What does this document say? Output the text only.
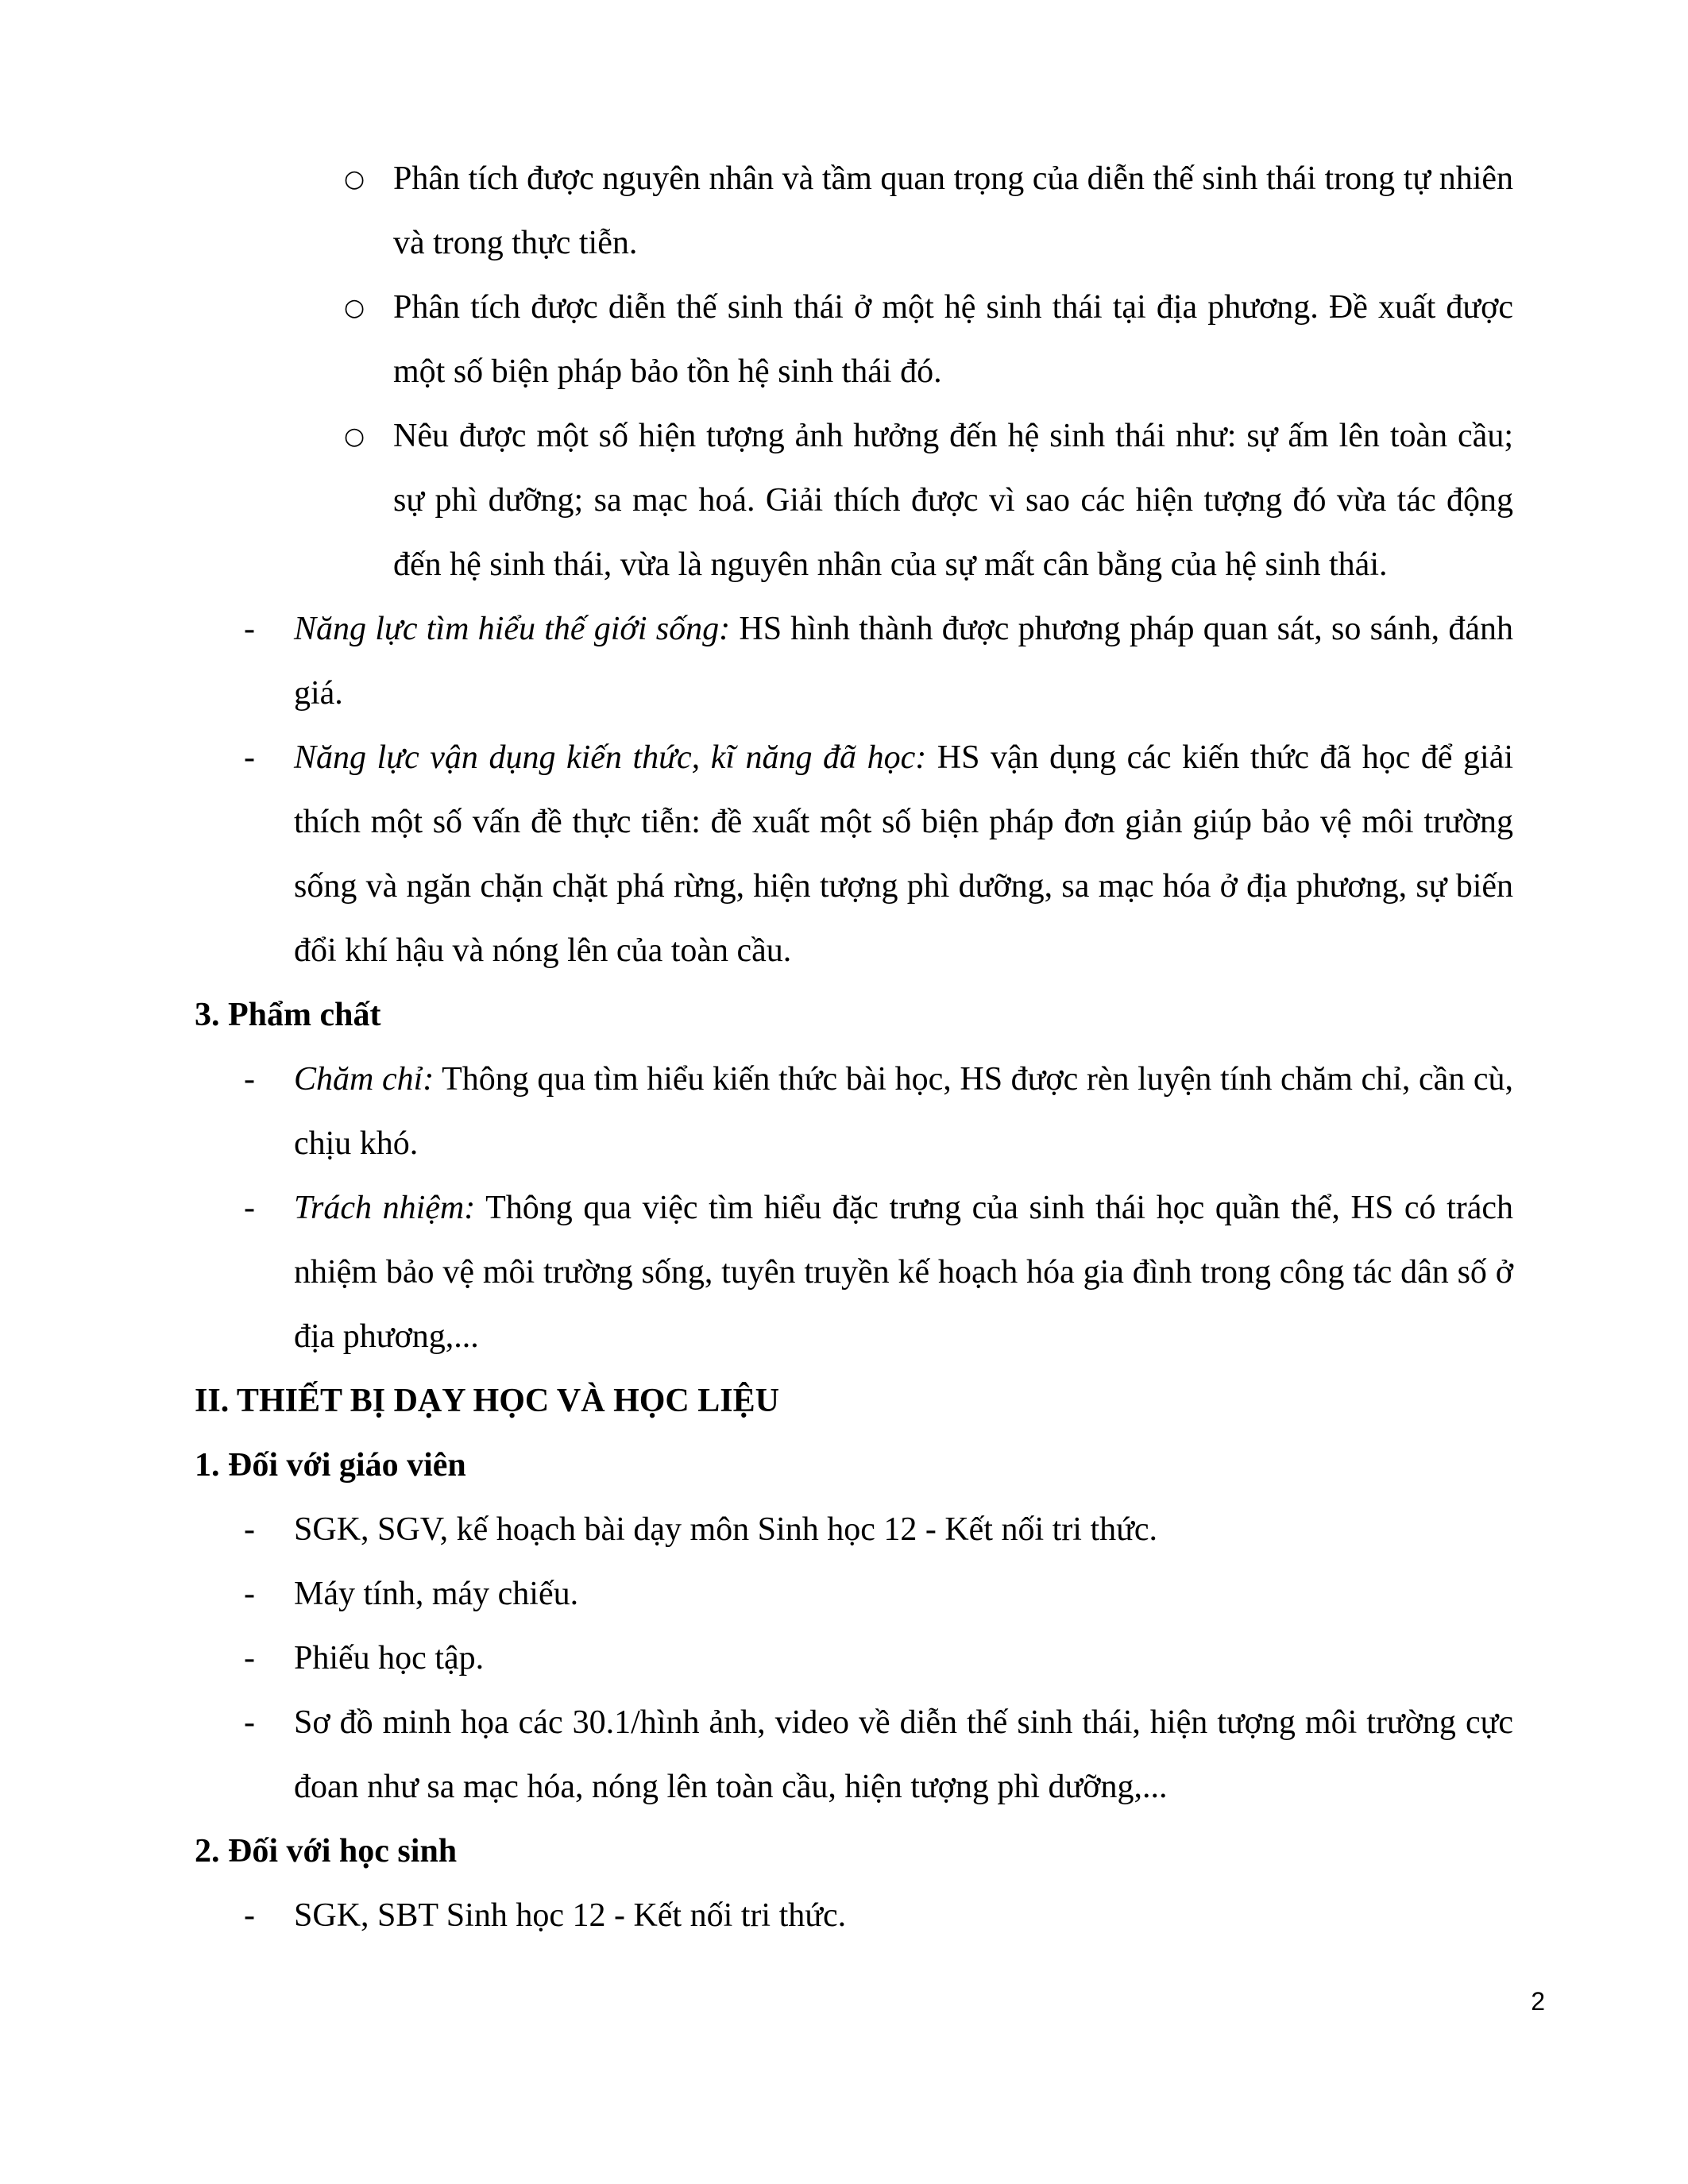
○ Phân tích được nguyên nhân và tầm quan trọng của diễn thế sinh thái trong tự nhiên và trong thực tiễn.
○ Phân tích được diễn thế sinh thái ở một hệ sinh thái tại địa phương. Đề xuất được một số biện pháp bảo tồn hệ sinh thái đó.
○ Nêu được một số hiện tượng ảnh hưởng đến hệ sinh thái như: sự ấm lên toàn cầu; sự phì dưỡng; sa mạc hoá. Giải thích được vì sao các hiện tượng đó vừa tác động đến hệ sinh thái, vừa là nguyên nhân của sự mất cân bằng của hệ sinh thái.
- Năng lực tìm hiểu thế giới sống: HS hình thành được phương pháp quan sát, so sánh, đánh giá.
- Năng lực vận dụng kiến thức, kĩ năng đã học: HS vận dụng các kiến thức đã học để giải thích một số vấn đề thực tiễn: đề xuất một số biện pháp đơn giản giúp bảo vệ môi trường sống và ngăn chặn chặt phá rừng, hiện tượng phì dưỡng, sa mạc hóa ở địa phương, sự biến đổi khí hậu và nóng lên của toàn cầu.
3. Phẩm chất
- Chăm chỉ: Thông qua tìm hiểu kiến thức bài học, HS được rèn luyện tính chăm chỉ, cần cù, chịu khó.
- Trách nhiệm: Thông qua việc tìm hiểu đặc trưng của sinh thái học quần thể, HS có trách nhiệm bảo vệ môi trường sống, tuyên truyền kế hoạch hóa gia đình trong công tác dân số ở địa phương,...
II. THIẾT BỊ DẠY HỌC VÀ HỌC LIỆU
1. Đối với giáo viên
- SGK, SGV, kế hoạch bài dạy môn Sinh học 12 - Kết nối tri thức.
- Máy tính, máy chiếu.
- Phiếu học tập.
- Sơ đồ minh họa các 30.1/hình ảnh, video về diễn thế sinh thái, hiện tượng môi trường cực đoan như sa mạc hóa, nóng lên toàn cầu, hiện tượng phì dưỡng,...
2. Đối với học sinh
- SGK, SBT Sinh học 12 - Kết nối tri thức.
2
